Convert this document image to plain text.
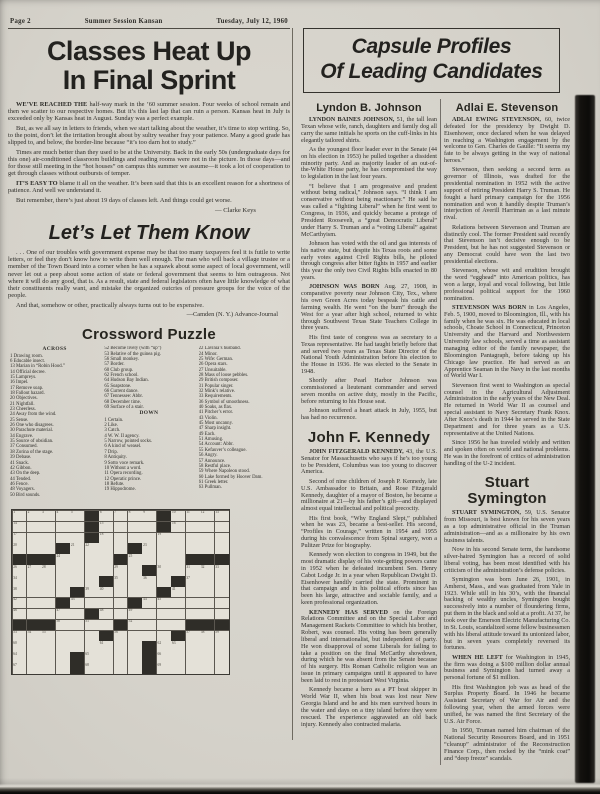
Page 2	Summer Session Kansan	Tuesday, July 12, 1960
Classes Heat Up
In Final Sprint

WE’VE REACHED THE half-way mark in the ’60 summer session. Four weeks of school remain and then we scatter to our respective homes. But it’s this last lap that can ruin a person. Kansas heat in July is exceeded only by Kansas heat in August. Sunday was a perfect example.

But, as we all say in letters to friends, when we start talking about the weather, it’s time to stop writing. So, to the point, don’t let the irritation brought about by sultry weather fray your patience. Many a good grade has slipped to, and below, the border-line because “it’s too darn hot to study.”

Times are much better than they used to be at the University. Back in the early 50s (undergraduate days for this one) air-conditioned classroom buildings and reading rooms were not in the picture. In those days—and for those still meeting in the “hot houses” on campus this summer we assume—it took a lot of cooperation to get through classes without outbursts of temper.

IT’S EASY TO blame it all on the weather. It’s been said that this is an excellent reason for a shortness of patience. And well we understand it.

But remember, there’s just about 19 days of classes left. And things could get worse.

— Clarke Keys
Let’s Let Them Know

. . . One of our troubles with government expense may be that too many taxpayers feel it is futile to write letters, or feel they don’t know how to write them well enough. The man who will back a village trustee or a member of the Town Board into a corner when he has a squawk about some aspect of local government, will never let out a peep about some action of state or federal government that seems to him outrageous. Not where it will do any good, that is. As a result, state and federal legislators often have little knowledge of what their constituents really want, and mistake the organized outcries of pressure groups for the voice of the people.

And that, somehow or other, practically always turns out to be expensive.

—Camden (N. Y.) Advance-Journal
Crossword Puzzle
ACROSS
1 Drawing room.
6 Educable insect.
13 Marian in “Robin Hood.”
14 Official decree.
15 Lampreys.
16 Impel.
17 Remove soap.
18 Fallout hazard.
20 Objectives.
21 Nightfall.
23 Cheerless.
24 Away from the wind.
25 Sense.
26 One who disagrees.
30 Parachute material.
34 Engrave.
35 Source of obsidian.
37 Consumed.
38 Zorina of the stage.
39 Debase.
41 Snack.
42 Gibbon.
43 On the deep.
44 Tended.
46 Fence.
48 Voyagers.
50 Bird sounds.
52 Become lively (with “up”)
53 Relative of the guinea pig.
56 Small monkey.
57 Border.
60 Club group.
62 French school.
64 Hudson Bay Indian.
65 Soapstone.
66 Current dance.
67 Tennessee: Abbr.
68 December time.
69 Surface of a stair.
DOWN
1 Certain.
2 Like.
3 Catch.
4 W. W. II agency.
5 Narrow, pointed socks.
6 A kind of weasel.
7 Drip.
8 Antiquity.
9 Sotto voce remark.
10 Without a word.
11 Opera recording.
12 Operatic prince.
18 Refute.
19 Hippodrome.
22 Lavinia’s husband.
24 Minor.
25 Wife: German.
26 Opera stars.
27 Unsuitable.
28 Mass of loose pebbles.
29 British composer.
31 Popular singer.
32 Mink’s relative.
33 Requirements.
36 Symbol of smoothness.
40 Soaks, as flax.
41 Pitcher’s error.
43 Violin.
45 Most uncanny.
47 Sharp insight.
49 Each.
51 Amusing.
54 Account: Abbr.
55 Kefauver’s colleague.
56 Angry.
57 Announce.
58 Restful place.
59 Where Napoleon stood.
60 Lake formed by Hoover Dam.
61 Greek letter.
63 Pullman.
1	2	3	4	5	6	7	8	9	10	11	12	13
14	15	16
17	18	19
20	21	22	23
24	25
26	27	28	29	30	31	32	33
34	35	36	37
38	39	40	41
42	43	44	45
46	47	48	49
50	51	52
53	54	55	56	57	58	59
60	61	62	63
64	65	66
67	68	69
Capsule Profiles
Of Leading Candidates
Lyndon B. Johnson

LYNDON BAINES JOHNSON, 51, the tall lean Texan whose wife, ranch, daughters and family dog all carry the same initials he sports on the cuff-links in his elegantly tailored shirts.

As the youngest floor leader ever in the Senate (44 on his election in 1953) he pulled together a dissident minority party. And as majority leader of an out-of-the-White House party, he has compromised the way to legislation in the last four years.

“I believe that I am progressive and prudent without being radical,” Johnson says. “I think I am conservative without being reactionary.” He said he was called a “fighting Liberal” when he first went to Congress, in 1936, and quickly became a protege of President Roosevelt, a “great Democratic Liberal” under Harry S. Truman and a “voting Liberal” against McCarthyism.

Johnson has voted with the oil and gas interests of his native state, but despite his Texas roots and some early votes against Civil Rights bills, he piloted through congress after bitter fights in 1957 and earlier this year the only two Civil Rights bills enacted in 80 years.

JOHNSON WAS BORN Aug. 27, 1908, in comparative poverty near Johnson City, Tex., where his own Green Acres today bespeak his cattle and farming wealth. He went “on the bum” through the West for a year after high school, returned to whiz through Southwest Texas State Teachers College in three years.

His first taste of congress was as secretary to a Texas representative. He had taught briefly before that and served two years as Texas State Director of the National Youth Administration before his election to the House in 1936. He was elected to the Senate in 1948.

Shortly after Pearl Harbor Johnson was commissioned a lieutenant commander and served seven months on active duty, mostly in the Pacific, before returning to his House seat.

Johnson suffered a heart attack in July, 1955, but has had no recurrence.

John F. Kennedy

JOHN FITZGERALD KENNEDY, 43, the U.S. Senator for Massachusetts who says if he’s too young to be President, Columbus was too young to discover America.

Second of nine children of Joseph P. Kennedy, late U.S. Ambassador to Britain, and Rose Fitzgerald Kennedy, daughter of a mayor of Boston, he became a millionaire at 21—by his father’s gift—and displayed almost equal intellectual and political precocity.

His first book, “Why England Slept,” published when he was 23, became a best-seller. His second, “Profiles in Courage,” written in 1954 and 1955 during his convalescence from Spinal surgery, won a Pulitzer Prize for biography.

Kennedy won election to congress in 1949, but the most dramatic display of his vote-getting powers came in 1952 when he defeated incumbent Sen. Henry Cabot Lodge Jr. in a year when Republican Dwight D. Eisenhower handily carried the state. Prominent in that campaign and in his political efforts since has been his large, attractive and sociable family, and a keen professional organization.

KENNEDY HAS SERVED on the Foreign Relations Committee and on the Special Labor and Management Rackets Committee to which his brother, Robert, was counsel. His voting has been generally liberal and internationalist, but independent of party. He won disapproval of some Liberals for failing to take a position on the final McCarthy showdown, during which he was absent from the Senate because of his surgery. His Roman Catholic religion was an issue in primary campaigns until it appeared to have been laid to rest in protestant West Virginia.

Kennedy became a hero as a PT boat skipper in World War II, when his boat was lost near New Georgia Island and he and his men survived hours in the water and days on a tiny island before they were rescued. The experience aggravated an old back injury. Kennedy also contracted malaria.

Adlai E. Stevenson

ADLAI EWING STEVENSON, 60, twice defeated for the presidency by Dwight D. Eisenhower, once declared when he was delayed in reaching a Washington engagement by the welcome to Gen. Charles de Gaulle: “It seems my fate to be always getting in the way of national heroes.”

Stevenson, then seeking a second term as governor of Illinois, was drafted for the presidential nomination in 1952 with the active support of retiring President Harry S. Truman. He fought a hard primary campaign for the 1956 nomination and won it handily despite Truman’s interjection of Averill Harriman as a last minute rival.

Relations between Stevenson and Truman are distinctly cool. The former President said recently that Stevenson isn’t decisive enough to be President, but he has not suggested Stevenson or any Democrat could have won the last two presidential elections.

Stevenson, whose wit and erudition brought the word “egghead” into American politics, has won a large, loyal and vocal following, but little professional political support for the 1960 nomination.

STEVENSON WAS BORN in Los Angeles, Feb. 5, 1900, moved to Bloomington, Ill., with his family when he was six. He was educated in local schools, Choate School in Connecticut, Princeton University and the Harvard and Northwestern University law schools, served a time as assistant managing editor of the family newspaper, the Bloomington Pantagraph, before taking up his Chicago law practice. He had served as an Apprentice Seaman in the Navy in the last months of World War I.

Stevenson first went to Washington as special counsel in the Agricultural Adjustment Administration in the early years of the New Deal. He returned in World War II as counsel and special assistant to Navy Secretary Frank Knox. After Knox’s death in 1944 he served in the State Department and for three years as a U.S. representative at the United Nations.

Since 1956 he has traveled widely and written and spoken often on world and national problems. He was in the forefront of critics of administration handling of the U-2 incident.

Stuart Symington

STUART SYMINGTON, 59, U.S. Senator from Missouri, is best known for his seven years as a top administrative official in the Truman administration—and as a millionaire by his own business talents.

Now in his second Senate term, the handsome silver-haired Symington has a record of solid liberal voting, has been most identified with his criticism of the administration’s defense policies.

Symington was born June 26, 1901, in Amherst, Mass., and was graduated from Yale in 1923. While still in his 30’s, with the financial backing of wealthy uncles, Symington bought successively into a number of floundering firms, put them in the black and sold at a profit. At 37, he took over the Emerson Electric Manufacturing Co. in St. Louis, scandalized some fellow businessmen with his liberal attitude toward its unionized labor, but in seven years completely reversed its fortunes.

WHEN HE LEFT for Washington in 1945, the firm was doing a $100 million dollar annual business and Symington had turned away a personal fortune of $1 million.

His first Washington job was as head of the Surplus Property Board. In 1946 he became Assistant Secretary of War for Air and the following year, when the armed forces were unified, he was named the first Secretary of the U.S. Air Force.

In 1950, Truman named him chairman of the National Security Resources Board, and in 1951 “cleanup” administrator of the Reconstruction Finance Corp., then rocked by the “mink coat” and “deep freeze” scandals.
